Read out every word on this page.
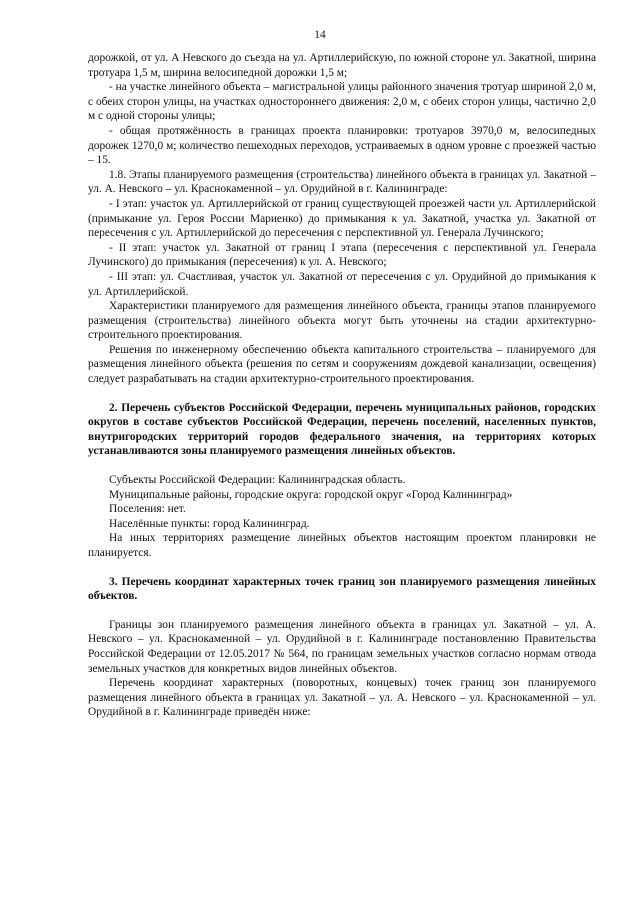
14

дорожкой, от ул. А Невского до съезда на ул. Артиллерийскую, по южной стороне ул. Закатной, ширина тротуара 1,5 м, ширина велосипедной дорожки 1,5 м;

- на участке линейного объекта – магистральной улицы районного значения тротуар шириной 2,0 м, с обеих сторон улицы, на участках одностороннего движения: 2,0 м, с обеих сторон улицы, частично 2,0 м с одной стороны улицы;

- общая протяжённость в границах проекта планировки: тротуаров 3970,0 м, велосипедных дорожек 1270,0 м; количество пешеходных переходов, устраиваемых в одном уровне с проезжей частью – 15.

1.8. Этапы планируемого размещения (строительства) линейного объекта в границах ул. Закатной – ул. А. Невского – ул. Краснокаменной – ул. Орудийной в г. Калининграде:

- I этап: участок ул. Артиллерийской от границ существующей проезжей части ул. Артиллерийской (примыкание ул. Героя России Мариенко) до примыкания к ул. Закатной, участка ул. Закатной от пересечения с ул. Артиллерийской до пересечения с перспективной ул. Генерала Лучинского;

- II этап: участок ул. Закатной от границ I этапа (пересечения с перспективной ул. Генерала Лучинского) до примыкания (пересечения) к ул. А. Невского;

- III этап: ул. Счастливая, участок ул. Закатной от пересечения с ул. Орудийной до примыкания к ул. Артиллерийской.

Характеристики планируемого для размещения линейного объекта, границы этапов планируемого размещения (строительства) линейного объекта могут быть уточнены на стадии архитектурно-строительного проектирования.

Решения по инженерному обеспечению объекта капитального строительства – планируемого для размещения линейного объекта (решения по сетям и сооружениям дождевой канализации, освещения) следует разрабатывать на стадии архитектурно-строительного проектирования.

2. Перечень субъектов Российской Федерации, перечень муниципальных районов, городских округов в составе субъектов Российской Федерации, перечень поселений, населенных пунктов, внутригородских территорий городов федерального значения, на территориях которых устанавливаются зоны планируемого размещения линейных объектов.

Субъекты Российской Федерации: Калининградская область.

Муниципальные районы, городские округа: городской округ «Город Калининград»

Поселения: нет.

Населённые пункты: город Калининград.

На иных территориях размещение линейных объектов настоящим проектом планировки не планируется.

3. Перечень координат характерных точек границ зон планируемого размещения линейных объектов.

Границы зон планируемого размещения линейного объекта в границах ул. Закатной – ул. А. Невского – ул. Краснокаменной – ул. Орудийной в г. Калининграде постановлению Правительства Российской Федерации от 12.05.2017 № 564, по границам земельных участков согласно нормам отвода земельных участков для конкретных видов линейных объектов.

Перечень координат характерных (поворотных, концевых) точек границ зон планируемого размещения линейного объекта в границах ул. Закатной – ул. А. Невского – ул. Краснокаменной – ул. Орудийной в г. Калининграде приведён ниже:
